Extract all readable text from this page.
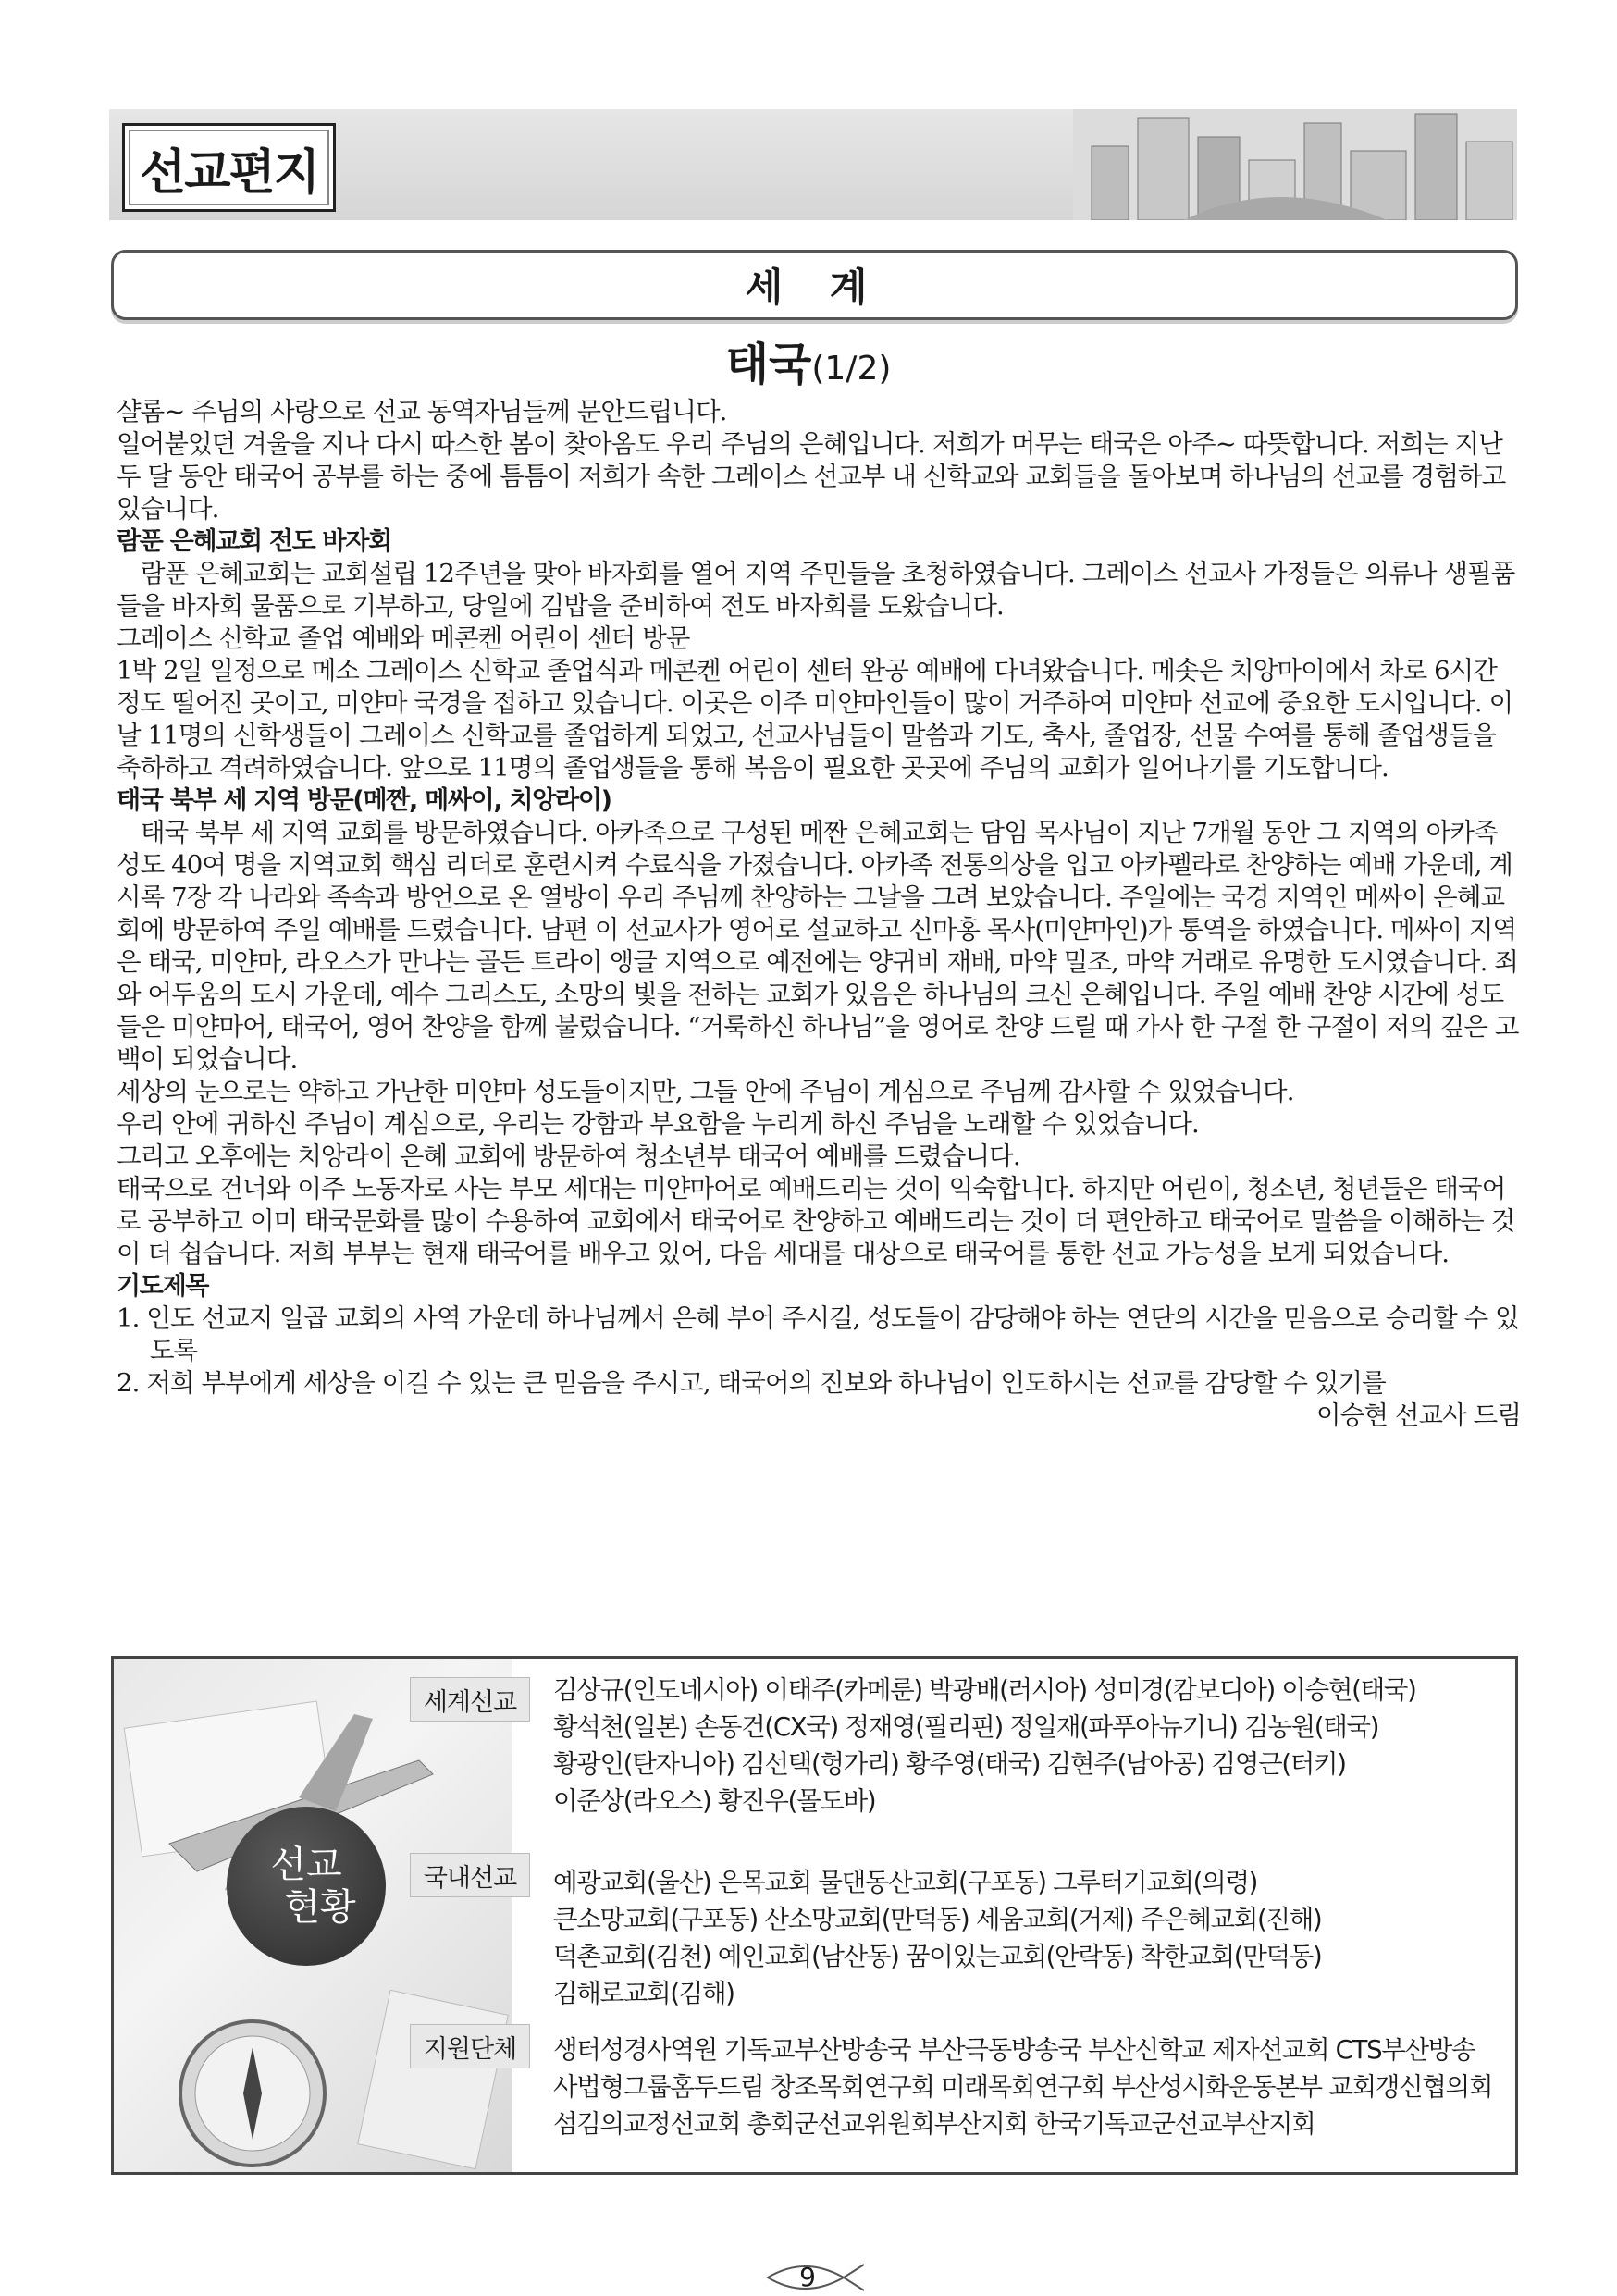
선교편지
세 계
태국(1/2)

샬롬~ 주님의 사랑으로 선교 동역자님들께 문안드립니다.

얼어붙었던 겨울을 지나 다시 따스한 봄이 찾아옴도 우리 주님의 은혜입니다. 저희가 머무는 태국은 아주~ 따뜻합니다. 저희는 지난 두 달 동안 태국어 공부를 하는 중에 틈틈이 저희가 속한 그레이스 선교부 내 신학교와 교회들을 돌아보며 하나님의 선교를 경험하고 있습니다.

람푼 은혜교회 전도 바자회

람푼 은혜교회는 교회설립 12주년을 맞아 바자회를 열어 지역 주민들을 초청하였습니다. 그레이스 선교사 가정들은 의류나 생필품들을 바자회 물품으로 기부하고, 당일에 김밥을 준비하여 전도 바자회를 도왔습니다.

그레이스 신학교 졸업 예배와 메콘켄 어린이 센터 방문

1박 2일 일정으로 메소 그레이스 신학교 졸업식과 메콘켄 어린이 센터 완공 예배에 다녀왔습니다. 메솟은 치앙마이에서 차로 6시간 정도 떨어진 곳이고, 미얀마 국경을 접하고 있습니다. 이곳은 이주 미얀마인들이 많이 거주하여 미얀마 선교에 중요한 도시입니다. 이날 11명의 신학생들이 그레이스 신학교를 졸업하게 되었고, 선교사님들이 말씀과 기도, 축사, 졸업장, 선물 수여를 통해 졸업생들을 축하하고 격려하였습니다. 앞으로 11명의 졸업생들을 통해 복음이 필요한 곳곳에 주님의 교회가 일어나기를 기도합니다.

태국 북부 세 지역 방문(메짠, 메싸이, 치앙라이)

태국 북부 세 지역 교회를 방문하였습니다. 아카족으로 구성된 메짠 은혜교회는 담임 목사님이 지난 7개월 동안 그 지역의 아카족 성도 40여 명을 지역교회 핵심 리더로 훈련시켜 수료식을 가졌습니다. 아카족 전통의상을 입고 아카펠라로 찬양하는 예배 가운데, 계시록 7장 각 나라와 족속과 방언으로 온 열방이 우리 주님께 찬양하는 그날을 그려 보았습니다. 주일에는 국경 지역인 메싸이 은혜교회에 방문하여 주일 예배를 드렸습니다. 남편 이 선교사가 영어로 설교하고 신마홍 목사(미얀마인)가 통역을 하였습니다. 메싸이 지역은 태국, 미얀마, 라오스가 만나는 골든 트라이 앵글 지역으로 예전에는 양귀비 재배, 마약 밀조, 마약 거래로 유명한 도시였습니다. 죄와 어두움의 도시 가운데, 예수 그리스도, 소망의 빛을 전하는 교회가 있음은 하나님의 크신 은혜입니다. 주일 예배 찬양 시간에 성도들은 미얀마어, 태국어, 영어 찬양을 함께 불렀습니다. “거룩하신 하나님”을 영어로 찬양 드릴 때 가사 한 구절 한 구절이 저의 깊은 고백이 되었습니다.

세상의 눈으로는 약하고 가난한 미얀마 성도들이지만, 그들 안에 주님이 계심으로 주님께 감사할 수 있었습니다.

우리 안에 귀하신 주님이 계심으로, 우리는 강함과 부요함을 누리게 하신 주님을 노래할 수 있었습니다.

그리고 오후에는 치앙라이 은혜 교회에 방문하여 청소년부 태국어 예배를 드렸습니다.

태국으로 건너와 이주 노동자로 사는 부모 세대는 미얀마어로 예배드리는 것이 익숙합니다. 하지만 어린이, 청소년, 청년들은 태국어로 공부하고 이미 태국문화를 많이 수용하여 교회에서 태국어로 찬양하고 예배드리는 것이 더 편안하고 태국어로 말씀을 이해하는 것이 더 쉽습니다. 저희 부부는 현재 태국어를 배우고 있어, 다음 세대를 대상으로 태국어를 통한 선교 가능성을 보게 되었습니다.

기도제목

1. 인도 선교지 일곱 교회의 사역 가운데 하나님께서 은혜 부어 주시길, 성도들이 감당해야 하는 연단의 시간을 믿음으로 승리할 수 있도록

2. 저희 부부에게 세상을 이길 수 있는 큰 믿음을 주시고, 태국어의 진보와 하나님이 인도하시는 선교를 감당할 수 있기를

이승현 선교사 드림

선교
현황
세계선교	김상규(인도네시아) 이태주(카메룬) 박광배(러시아) 성미경(캄보디아) 이승현(태국)
황석천(일본) 손동건(CX국) 정재영(필리핀) 정일재(파푸아뉴기니) 김농원(태국)
황광인(탄자니아) 김선택(헝가리) 황주영(태국) 김현주(남아공) 김영근(터키)
이준상(라오스) 황진우(몰도바)
국내선교	예광교회(울산) 은목교회 물댄동산교회(구포동) 그루터기교회(의령)
큰소망교회(구포동) 산소망교회(만덕동) 세움교회(거제) 주은혜교회(진해)
덕촌교회(김천) 예인교회(남산동) 꿈이있는교회(안락동) 착한교회(만덕동)
김해로교회(김해)
지원단체	생터성경사역원 기독교부산방송국 부산극동방송국 부산신학교 제자선교회 CTS부산방송
사법형그룹홈두드림 창조목회연구회 미래목회연구회 부산성시화운동본부 교회갱신협의회
섬김의교정선교회 총회군선교위원회부산지회 한국기독교군선교부산지회
9
